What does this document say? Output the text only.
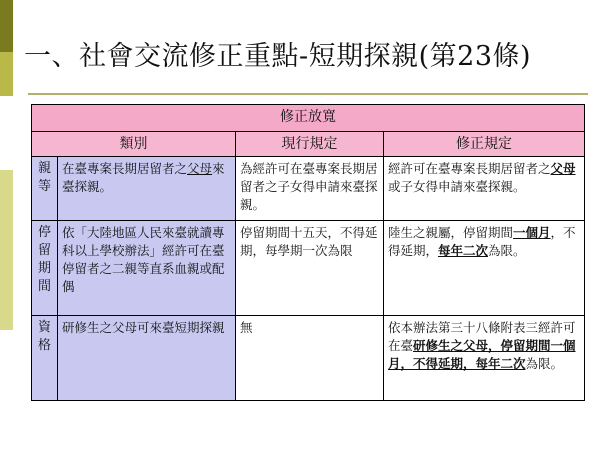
一、社會交流修正重點-短期探親(第23條)
修正放寬			
類別		現行規定	修正規定
親等	在臺專案長期居留者之父母來臺探親。	為經許可在臺專案長期居留者之子女得申請來臺探親。	經許可在臺專案長期居留者之父母或子女得申請來臺探親。
停留期間	依「大陸地區人民來臺就讀專科以上學校辦法」經許可在臺停留者之二親等直系血親或配偶	停留期間十五天，不得延期，每學期一次為限	陸生之親屬，停留期間一個月，不得延期，每年二次為限。
資格	研修生之父母可來臺短期探親	無	依本辦法第三十八條附表三經許可在臺研修生之父母，停留期間一個月，不得延期，每年二次為限。
